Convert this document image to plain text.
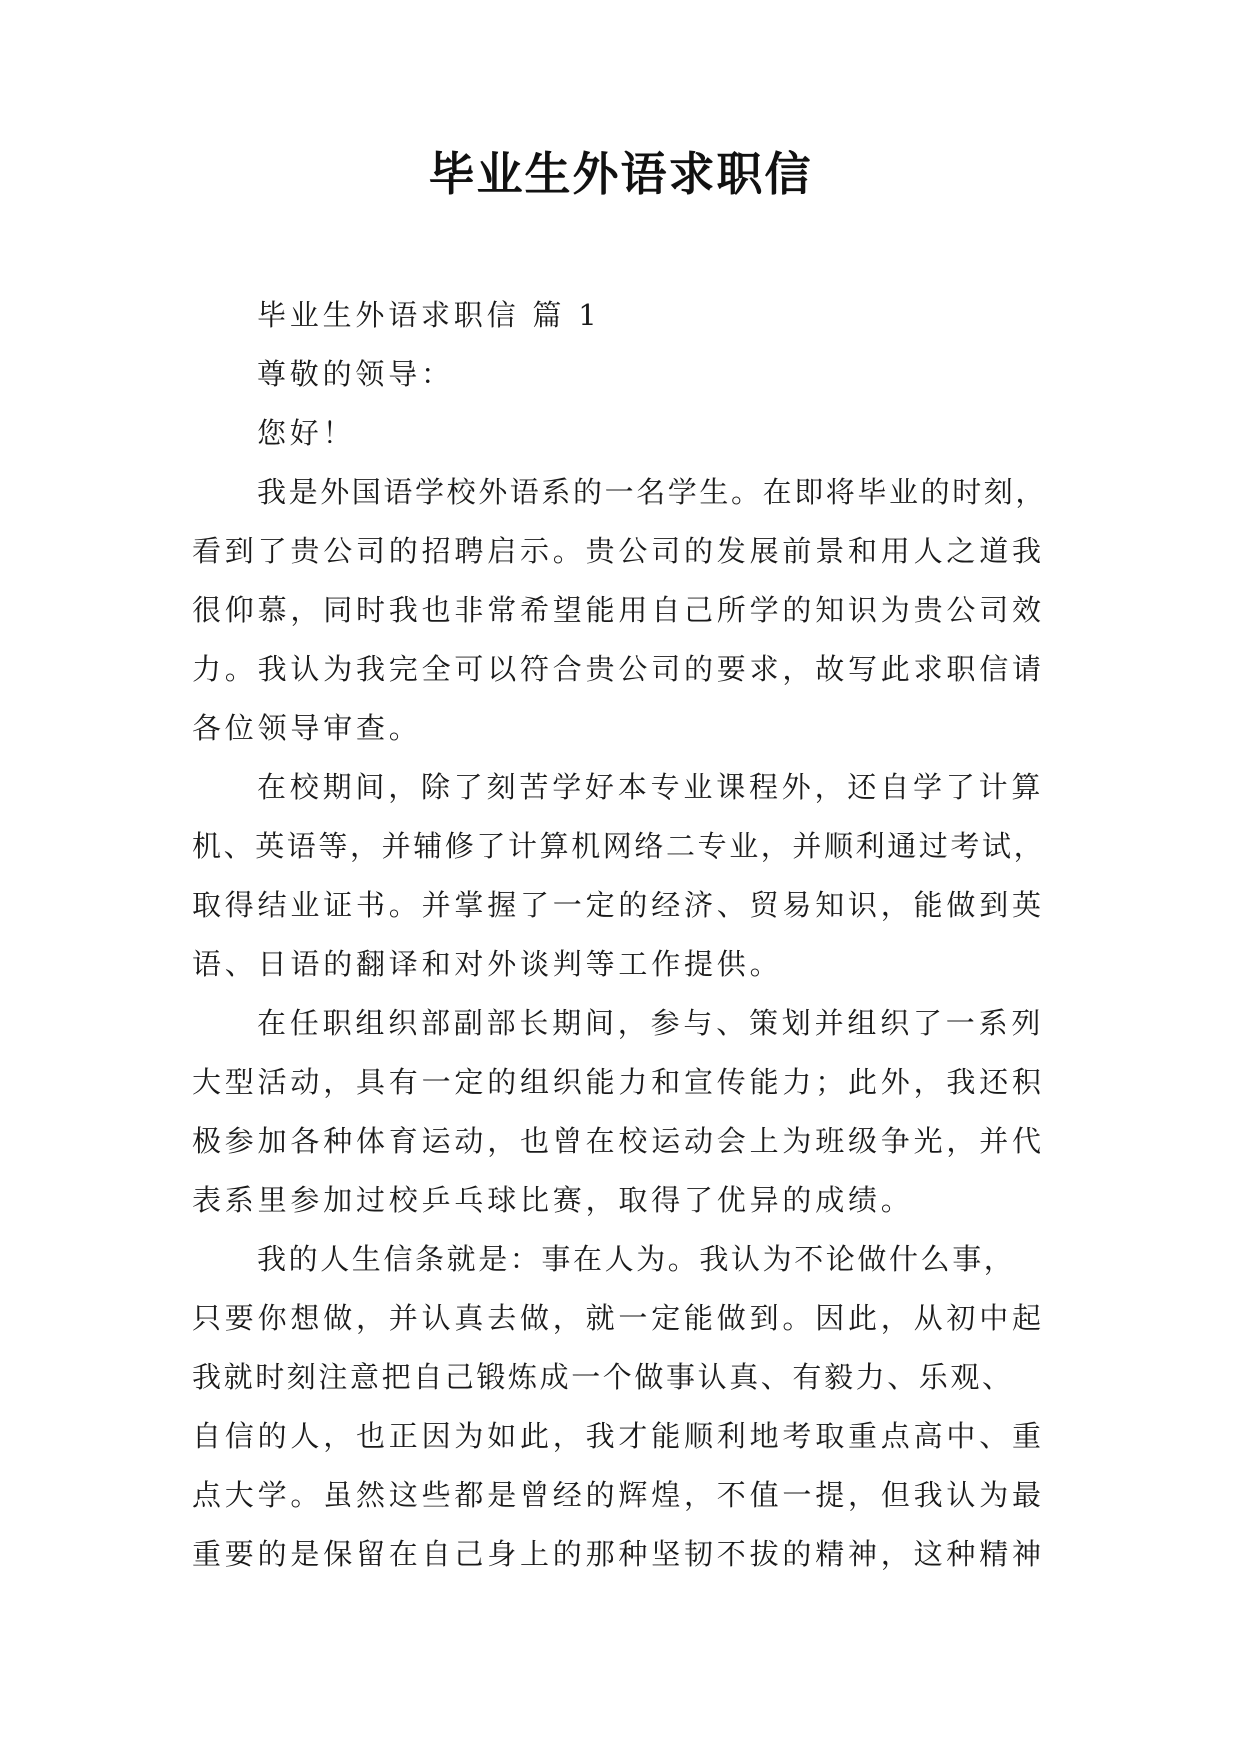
毕业生外语求职信
毕业生外语求职信 篇 1
尊敬的领导：
您好！
我是外国语学校外语系的一名学生。在即将毕业的时刻，
看到了贵公司的招聘启示。贵公司的发展前景和用人之道我
很仰慕，同时我也非常希望能用自己所学的知识为贵公司效
力。我认为我完全可以符合贵公司的要求，故写此求职信请
各位领导审查。
在校期间，除了刻苦学好本专业课程外，还自学了计算
机、英语等，并辅修了计算机网络二专业，并顺利通过考试，
取得结业证书。并掌握了一定的经济、贸易知识，能做到英
语、日语的翻译和对外谈判等工作提供。
在任职组织部副部长期间，参与、策划并组织了一系列
大型活动，具有一定的组织能力和宣传能力；此外，我还积
极参加各种体育运动，也曾在校运动会上为班级争光，并代
表系里参加过校乒乓球比赛，取得了优异的成绩。
我的人生信条就是：事在人为。我认为不论做什么事，
只要你想做，并认真去做，就一定能做到。因此，从初中起
我就时刻注意把自己锻炼成一个做事认真、有毅力、乐观、
自信的人，也正因为如此，我才能顺利地考取重点高中、重
点大学。虽然这些都是曾经的辉煌，不值一提，但我认为最
重要的是保留在自己身上的那种坚韧不拔的精神，这种精神
